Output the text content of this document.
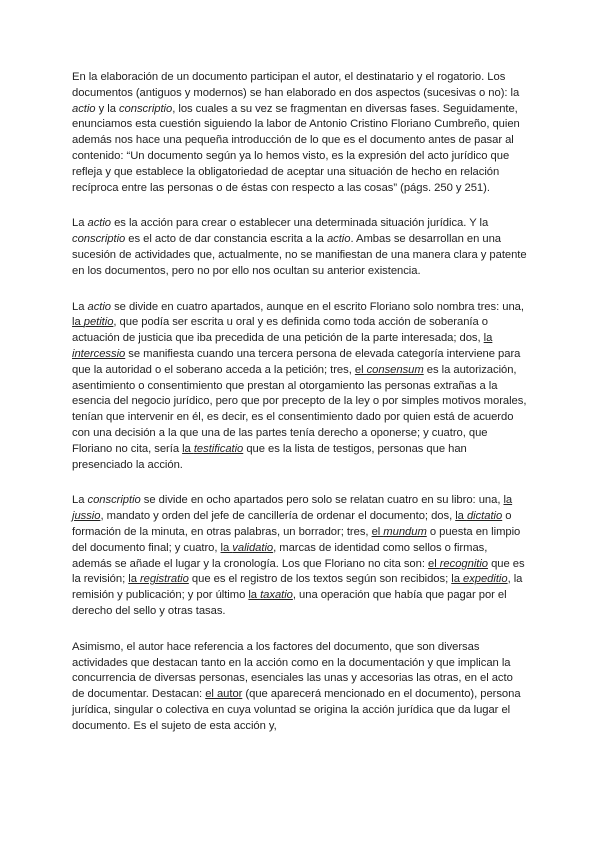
En la elaboración de un documento participan el autor, el destinatario y el rogatorio. Los documentos (antiguos y modernos) se han elaborado en dos aspectos (sucesivas o no): la actio y la conscriptio, los cuales a su vez se fragmentan en diversas fases. Seguidamente, enunciamos esta cuestión siguiendo la labor de Antonio Cristino Floriano Cumbreño, quien además nos hace una pequeña introducción de lo que es el documento antes de pasar al contenido: “Un documento según ya lo hemos visto, es la expresión del acto jurídico que refleja y que establece la obligatoriedad de aceptar una situación de hecho en relación recíproca entre las personas o de éstas con respecto a las cosas” (págs. 250 y 251).

La actio es la acción para crear o establecer una determinada situación jurídica. Y la conscriptio es el acto de dar constancia escrita a la actio. Ambas se desarrollan en una sucesión de actividades que, actualmente, no se manifiestan de una manera clara y patente en los documentos, pero no por ello nos ocultan su anterior existencia.

La actio se divide en cuatro apartados, aunque en el escrito Floriano solo nombra tres: una, la petitio, que podía ser escrita u oral y es definida como toda acción de soberanía o actuación de justicia que iba precedida de una petición de la parte interesada; dos, la intercessio se manifiesta cuando una tercera persona de elevada categoría interviene para que la autoridad o el soberano acceda a la petición; tres, el consensum es la autorización, asentimiento o consentimiento que prestan al otorgamiento las personas extrañas a la esencia del negocio jurídico, pero que por precepto de la ley o por simples motivos morales, tenían que intervenir en él, es decir, es el consentimiento dado por quien está de acuerdo con una decisión a la que una de las partes tenía derecho a oponerse; y cuatro, que Floriano no cita, sería la testificatio que es la lista de testigos, personas que han presenciado la acción.

La conscriptio se divide en ocho apartados pero solo se relatan cuatro en su libro: una, la jussio, mandato y orden del jefe de cancillería de ordenar el documento; dos, la dictatio o formación de la minuta, en otras palabras, un borrador; tres, el mundum o puesta en limpio del documento final; y cuatro, la validatio, marcas de identidad como sellos o firmas, además se añade el lugar y la cronología. Los que Floriano no cita son: el recognitio que es la revisión; la registratio que es el registro de los textos según son recibidos; la expeditio, la remisión y publicación; y por último la taxatio, una operación que había que pagar por el derecho del sello y otras tasas.

Asimismo, el autor hace referencia a los factores del documento, que son diversas actividades que destacan tanto en la acción como en la documentación y que implican la concurrencia de diversas personas, esenciales las unas y accesorias las otras, en el acto de documentar. Destacan: el autor (que aparecerá mencionado en el documento), persona jurídica, singular o colectiva en cuya voluntad se origina la acción jurídica que da lugar el documento. Es el sujeto de esta acción y,
